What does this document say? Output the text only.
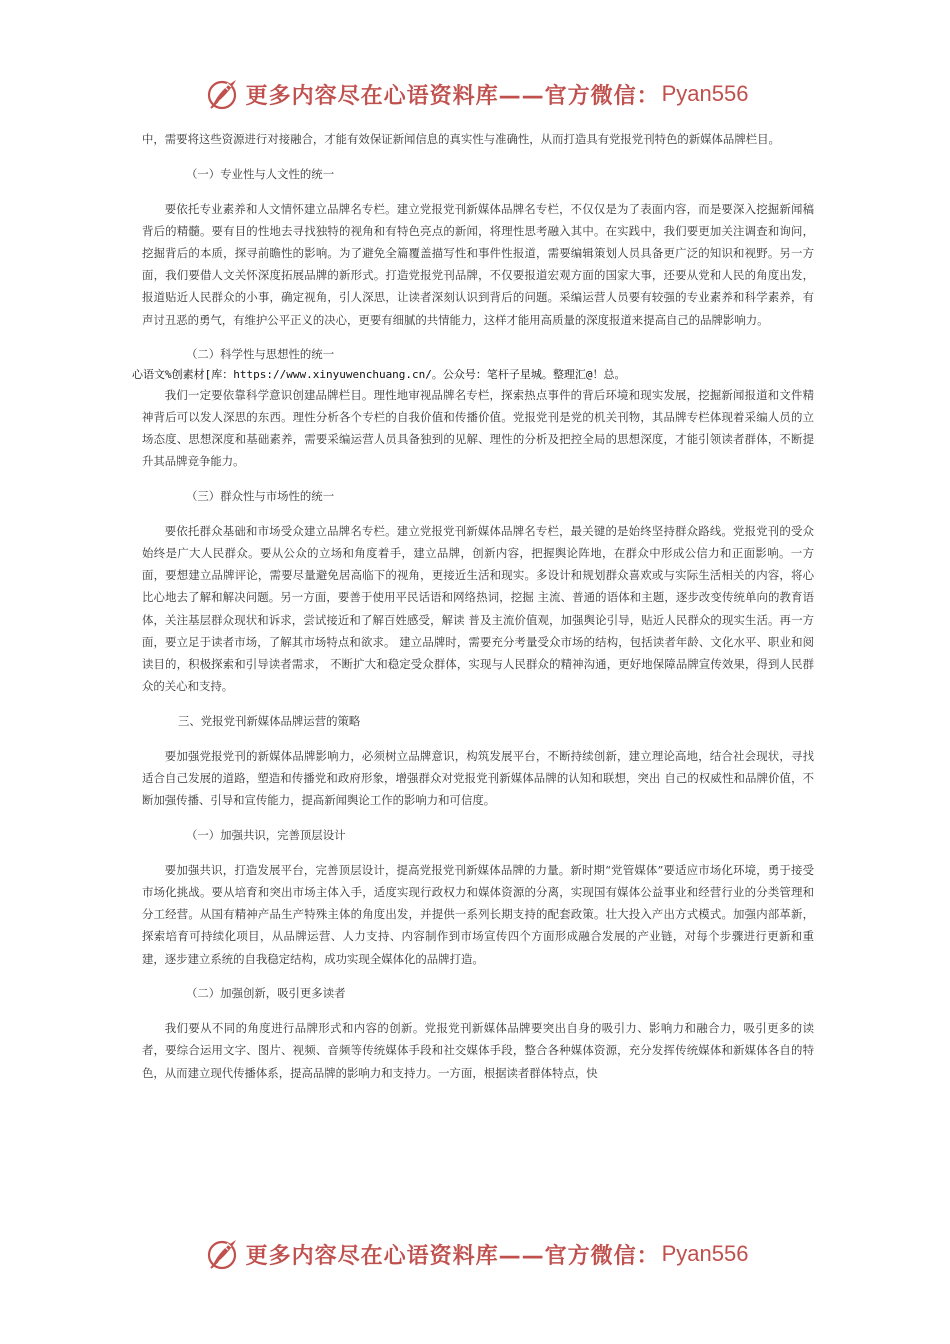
更多内容尽在心语资料库——官方微信： Pyan556

中，需要将这些资源进行对接融合，才能有效保证新闻信息的真实性与准确性，从而打造具有党报党刊特色的新媒体品牌栏目。

（一）专业性与人文性的统一

要依托专业素养和人文情怀建立品牌名专栏。建立党报党刊新媒体品牌名专栏，不仅仅是为了表面内容，而是要深入挖掘新闻稿背后的精髓。要有目的性地去寻找独特的视角和有特色亮点的新闻，将理性思考融入其中。在实践中，我们要更加关注调查和询问，挖掘背后的本质，探寻前瞻性的影响。为了避免全篇覆盖描写性和事件性报道，需要编辑策划人员具备更广泛的知识和视野。另一方面，我们要借人文关怀深度拓展品牌的新形式。打造党报党刊品牌，不仅要报道宏观方面的国家大事，还要从党和人民的角度出发，报道贴近人民群众的小事，确定视角，引人深思，让读者深刻认识到背后的问题。采编运营人员要有较强的专业素养和科学素养，有声讨丑恶的勇气，有维护公平正义的决心，更要有细腻的共情能力，这样才能用高质量的深度报道来提高自己的品牌影响力。

（二）科学性与思想性的统一

心语文%创素材[库：https://www.xinyuwenchuang.cn/。公众号：笔杆子星城。整理汇@！总。

我们一定要依靠科学意识创建品牌栏目。理性地审视品牌名专栏，探索热点事件的背后环境和现实发展，挖掘新闻报道和文件精神背后可以发人深思的东西。理性分析各个专栏的自我价值和传播价值。党报党刊是党的机关刊物，其品牌专栏体现着采编人员的立场态度、思想深度和基础素养，需要采编运营人员具备独到的见解、理性的分析及把控全局的思想深度，才能引领读者群体，不断提升其品牌竞争能力。

（三）群众性与市场性的统一

要依托群众基础和市场受众建立品牌名专栏。建立党报党刊新媒体品牌名专栏，最关键的是始终坚持群众路线。党报党刊的受众始终是广大人民群众。要从公众的立场和角度着手，建立品牌，创新内容，把握舆论阵地，在群众中形成公信力和正面影响。一方面，要想建立品牌评论，需要尽量避免居高临下的视角，更接近生活和现实。多设计和规划群众喜欢或与实际生活相关的内容，将心比心地去了解和解决问题。另一方面，要善于使用平民话语和网络热词，挖掘 主流、普通的语体和主题，逐步改变传统单向的教育语体，关注基层群众现状和诉求，尝试接近和了解百姓感受，解读 普及主流价值观，加强舆论引导，贴近人民群众的现实生活。再一方面，要立足于读者市场，了解其市场特点和欲求。 建立品牌时，需要充分考量受众市场的结构，包括读者年龄、文化水平、职业和阅读目的，积极探索和引导读者需求， 不断扩大和稳定受众群体，实现与人民群众的精神沟通，更好地保障品牌宣传效果，得到人民群众的关心和支持。

三、党报党刊新媒体品牌运营的策略

要加强党报党刊的新媒体品牌影响力，必须树立品牌意识，构筑发展平台，不断持续创新，建立理论高地，结合社会现状，寻找适合自己发展的道路，塑造和传播党和政府形象，增强群众对党报党刊新媒体品牌的认知和联想，突出 自己的权威性和品牌价值，不断加强传播、引导和宣传能力，提高新闻舆论工作的影响力和可信度。

（一）加强共识，完善顶层设计

要加强共识，打造发展平台，完善顶层设计，提高党报党刊新媒体品牌的力量。新时期“党管媒体”要适应市场化环境，勇于接受市场化挑战。要从培育和突出市场主体入手，适度实现行政权力和媒体资源的分离，实现国有媒体公益事业和经营行业的分类管理和分工经营。从国有精神产品生产特殊主体的角度出发，并提供一系列长期支持的配套政策。壮大投入产出方式模式。加强内部革新，探索培育可持续化项目，从品牌运营、人力支持、内容制作到市场宣传四个方面形成融合发展的产业链，对每个步骤进行更新和重建，逐步建立系统的自我稳定结构，成功实现全媒体化的品牌打造。

（二）加强创新，吸引更多读者

我们要从不同的角度进行品牌形式和内容的创新。党报党刊新媒体品牌要突出自身的吸引力、影响力和融合力，吸引更多的读者，要综合运用文字、图片、视频、音频等传统媒体手段和社交媒体手段，整合各种媒体资源，充分发挥传统媒体和新媒体各自的特色，从而建立现代传播体系，提高品牌的影响力和支持力。一方面，根据读者群体特点，快

更多内容尽在心语资料库——官方微信： Pyan556
